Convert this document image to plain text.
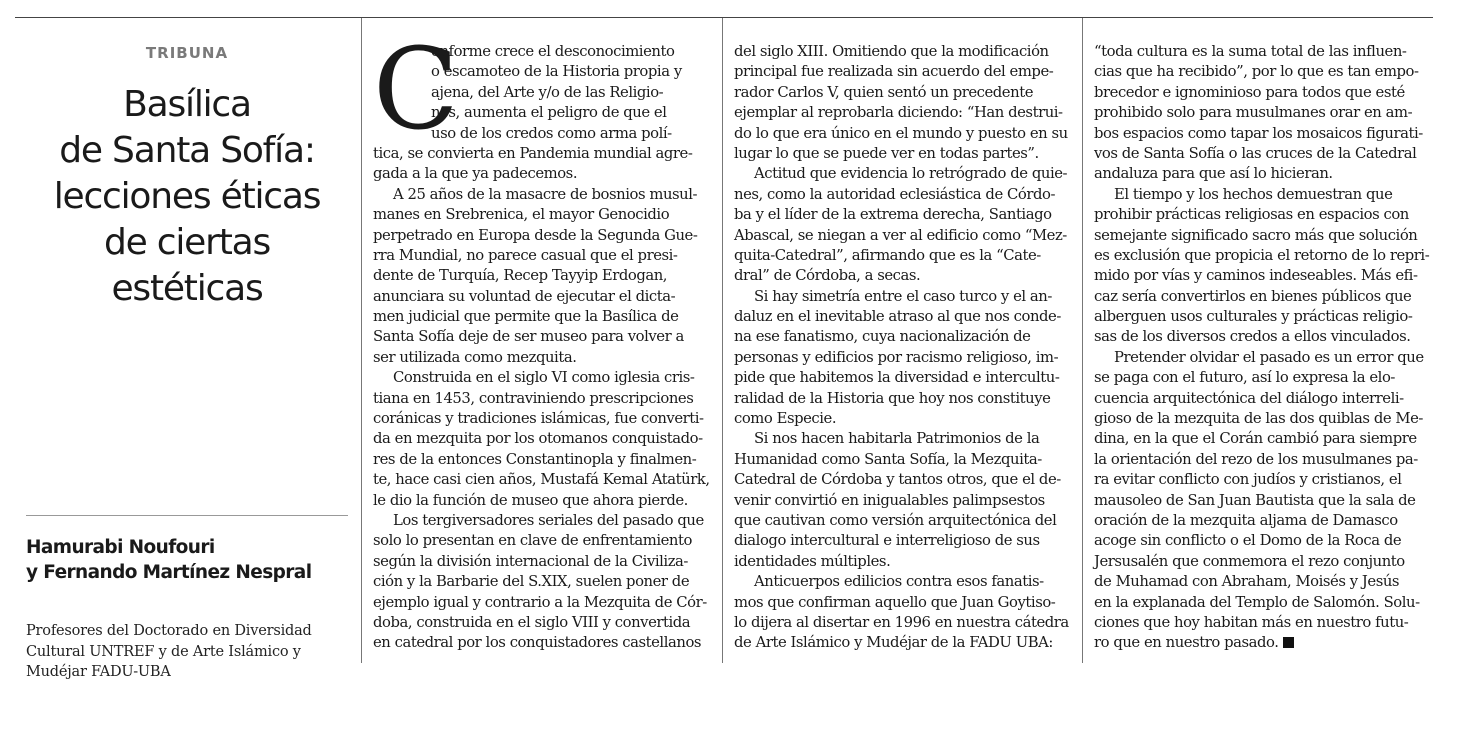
TRIBUNA
Basílica
de Santa Sofía:
lecciones éticas
de ciertas
estéticas
Hamurabi Noufouri
y Fernando Martínez Nespral
Profesores del Doctorado en Diversidad
Cultural UNTREF y de Arte Islámico y
Mudéjar FADU-UBA
C
onforme crece el desconocimiento
o escamoteo de la Historia propia y
ajena, del Arte y/o de las Religio-
nes, aumenta el peligro de que el
uso de los credos como arma polí-
tica, se convierta en Pandemia mundial agre-
gada a la que ya padecemos.
A 25 años de la masacre de bosnios musul-
manes en Srebrenica, el mayor Genocidio
perpetrado en Europa desde la Segunda Gue-
rra Mundial, no parece casual que el presi-
dente de Turquía, Recep Tayyip Erdogan,
anunciara su voluntad de ejecutar el dicta-
men judicial que permite que la Basílica de
Santa Sofía deje de ser museo para volver a
ser utilizada como mezquita.
Construida en el siglo VI como iglesia cris-
tiana en 1453, contraviniendo prescripciones
coránicas y tradiciones islámicas, fue converti-
da en mezquita por los otomanos conquistado-
res de la entonces Constantinopla y finalmen-
te, hace casi cien años, Mustafá Kemal Atatürk,
le dio la función de museo que ahora pierde.
Los tergiversadores seriales del pasado que
solo lo presentan en clave de enfrentamiento
según la división internacional de la Civiliza-
ción y la Barbarie del S.XIX, suelen poner de
ejemplo igual y contrario a la Mezquita de Cór-
doba, construida en el siglo VIII y convertida
en catedral por los conquistadores castellanos
del siglo XIII. Omitiendo que la modificación
principal fue realizada sin acuerdo del empe-
rador Carlos V, quien sentó un precedente
ejemplar al reprobarla diciendo: “Han destrui-
do lo que era único en el mundo y puesto en su
lugar lo que se puede ver en todas partes”.
Actitud que evidencia lo retrógrado de quie-
nes, como la autoridad eclesiástica de Córdo-
ba y el líder de la extrema derecha, Santiago
Abascal, se niegan a ver al edificio como “Mez-
quita-Catedral”, afirmando que es la “Cate-
dral” de Córdoba, a secas.
Si hay simetría entre el caso turco y el an-
daluz en el inevitable atraso al que nos conde-
na ese fanatismo, cuya nacionalización de
personas y edificios por racismo religioso, im-
pide que habitemos la diversidad e intercultu-
ralidad de la Historia que hoy nos constituye
como Especie.
Si nos hacen habitarla Patrimonios de la
Humanidad como Santa Sofía, la Mezquita-
Catedral de Córdoba y tantos otros, que el de-
venir convirtió en inigualables palimpsestos
que cautivan como versión arquitectónica del
dialogo intercultural e interreligioso de sus
identidades múltiples.
Anticuerpos edilicios contra esos fanatis-
mos que confirman aquello que Juan Goytiso-
lo dijera al disertar en 1996 en nuestra cátedra
de Arte Islámico y Mudéjar de la FADU UBA:
“toda cultura es la suma total de las influen-
cias que ha recibido”, por lo que es tan empo-
brecedor e ignominioso para todos que esté
prohibido solo para musulmanes orar en am-
bos espacios como tapar los mosaicos figurati-
vos de Santa Sofía o las cruces de la Catedral
andaluza para que así lo hicieran.
El tiempo y los hechos demuestran que
prohibir prácticas religiosas en espacios con
semejante significado sacro más que solución
es exclusión que propicia el retorno de lo repri-
mido por vías y caminos indeseables. Más efi-
caz sería convertirlos en bienes públicos que
alberguen usos culturales y prácticas religio-
sas de los diversos credos a ellos vinculados.
Pretender olvidar el pasado es un error que
se paga con el futuro, así lo expresa la elo-
cuencia arquitectónica del diálogo interreli-
gioso de la mezquita de las dos quiblas de Me-
dina, en la que el Corán cambió para siempre
la orientación del rezo de los musulmanes pa-
ra evitar conflicto con judíos y cristianos, el
mausoleo de San Juan Bautista que la sala de
oración de la mezquita aljama de Damasco
acoge sin conflicto o el Domo de la Roca de
Jersusalén que conmemora el rezo conjunto
de Muhamad con Abraham, Moisés y Jesús
en la explanada del Templo de Salomón. Solu-
ciones que hoy habitan más en nuestro futu-
ro que en nuestro pasado.
